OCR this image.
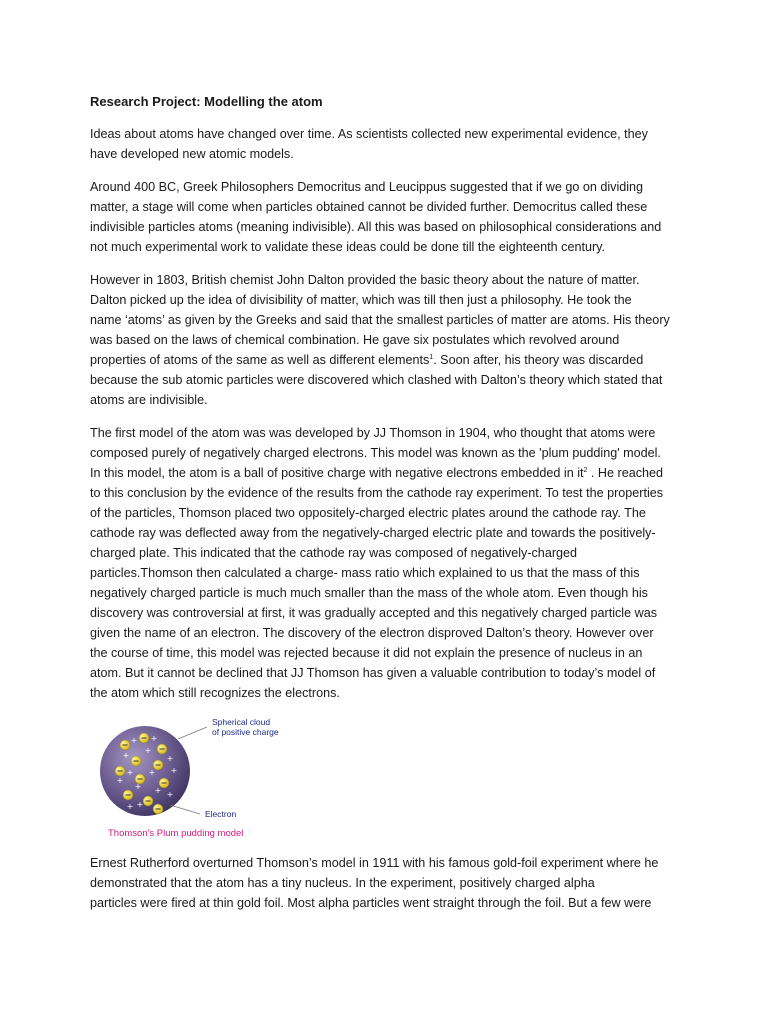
Research Project: Modelling the atom
Ideas about atoms have changed over time. As scientists collected new experimental evidence, they
have developed new atomic models.
Around 400 BC, Greek Philosophers Democritus and Leucippus suggested that if we go on dividing
matter, a stage will come when particles obtained cannot be divided further. Democritus called these
indivisible particles atoms (meaning indivisible). All this was based on philosophical considerations and
not much experimental work to validate these ideas could be done till the eighteenth century.
However in 1803, British chemist John Dalton provided the basic theory about the nature of matter.
Dalton picked up the idea of divisibility of matter, which was till then just a philosophy. He took the
name ‘atoms’ as given by the Greeks and said that the smallest particles of matter are atoms. His theory
was based on the laws of chemical combination. He gave six postulates which revolved around
properties of atoms of the same as well as different elements$^1$. Soon after, his theory was discarded
because the sub atomic particles were discovered which clashed with Dalton’s theory which stated that
atoms are indivisible.
The first model of the atom was was developed by JJ Thomson in 1904, who thought that atoms were
composed purely of negatively charged electrons. This model was known as the 'plum pudding' model.
In this model, the atom is a ball of positive charge with negative electrons embedded in $it^2$ . He reached
to this conclusion by the evidence of the results from the cathode ray experiment. To test the properties
of the particles, Thomson placed two oppositely-charged electric plates around the cathode ray. The
cathode ray was deflected away from the negatively-charged electric plate and towards the positively-
charged plate. This indicated that the cathode ray was composed of negatively-charged
particles.Thomson then calculated a charge- mass ratio which explained to us that the mass of this
negatively charged particle is much much smaller than the mass of the whole atom. Even though his
discovery was controversial at first, it was gradually accepted and this negatively charged particle was
given the name of an electron. The discovery of the electron disproved Dalton’s theory. However over
the course of time, this model was rejected because it did not explain the presence of nucleus in an
atom. But it cannot be declined that JJ Thomson has given a valuable contribution to today’s model of
the atom which still recognizes the electrons.
+ +
+
+
+
+ + +
+ +
+
+
+
+
Spherical cloud
of positive charge
Electron
Thomson's Plum pudding model
Ernest Rutherford overturned Thomson’s model in 1911 with his famous gold-foil experiment where he
demonstrated that the atom has a tiny nucleus. In the experiment, positively charged alpha
particles were fired at thin gold foil. Most alpha particles went straight through the foil. But a few were
